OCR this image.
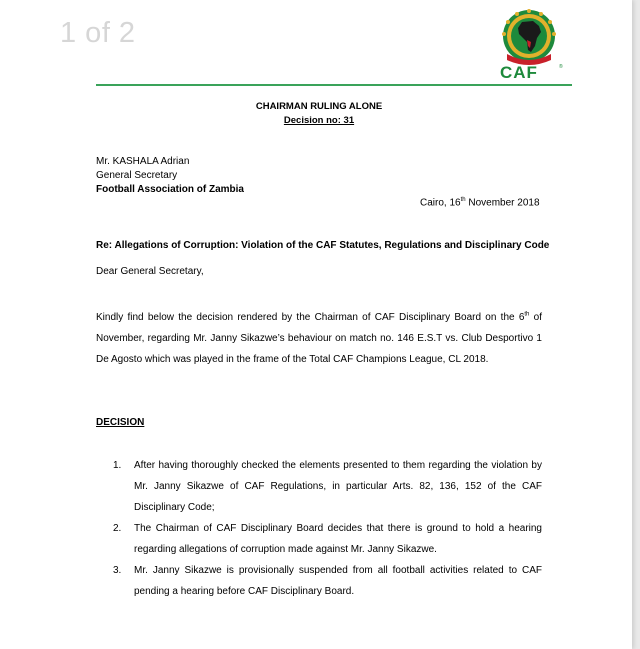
1 of 2
CAF	®
CHAIRMAN RULING ALONE
Decision no: 31
Mr. KASHALA Adrian
General Secretary
Football Association of Zambia
Cairo, 16th November 2018
Re: Allegations of Corruption: Violation of the CAF Statutes, Regulations and Disciplinary Code
Dear General Secretary,
Kindly find below the decision rendered by the Chairman of CAF Disciplinary Board on the 6th of November, regarding Mr. Janny Sikazwe’s behaviour on match no. 146 E.S.T vs. Club Desportivo 1 De Agosto which was played in the frame of the Total CAF Champions League, CL 2018.
DECISION
1. After having thoroughly checked the elements presented to them regarding the violation by Mr. Janny Sikazwe of CAF Regulations, in particular Arts. 82, 136, 152 of the CAF Disciplinary Code;
2. The Chairman of CAF Disciplinary Board decides that there is ground to hold a hearing regarding allegations of corruption made against Mr. Janny Sikazwe.
3. Mr. Janny Sikazwe is provisionally suspended from all football activities related to CAF pending a hearing before CAF Disciplinary Board.
